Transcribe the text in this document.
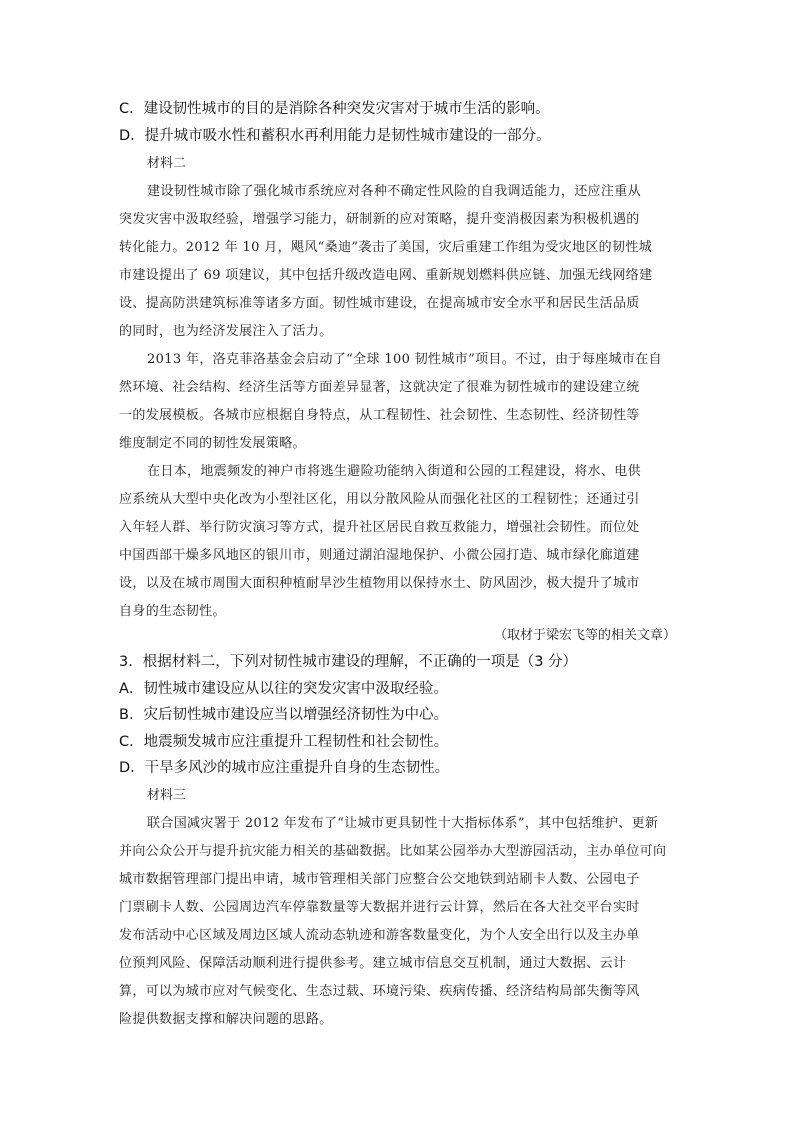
C．建设韧性城市的目的是消除各种突发灾害对于城市生活的影响。
D．提升城市吸水性和蓄积水再利用能力是韧性城市建设的一部分。
材料二
建设韧性城市除了强化城市系统应对各种不确定性风险的自我调适能力，还应注重从
突发灾害中汲取经验，增强学习能力，研制新的应对策略，提升变消极因素为积极机遇的
转化能力。2012 年 10 月，飓风“桑迪”袭击了美国，灾后重建工作组为受灾地区的韧性城
市建设提出了 69 项建议，其中包括升级改造电网、重新规划燃料供应链、加强无线网络建
设、提高防洪建筑标准等诸多方面。韧性城市建设，在提高城市安全水平和居民生活品质
的同时，也为经济发展注入了活力。
2013 年，洛克菲洛基金会启动了“全球 100 韧性城市”项目。不过，由于每座城市在自
然环境、社会结构、经济生活等方面差异显著，这就决定了很难为韧性城市的建设建立统
一的发展模板。各城市应根据自身特点，从工程韧性、社会韧性、生态韧性、经济韧性等
维度制定不同的韧性发展策略。
在日本，地震频发的神户市将逃生避险功能纳入街道和公园的工程建设，将水、电供
应系统从大型中央化改为小型社区化，用以分散风险从而强化社区的工程韧性；还通过引
入年轻人群、举行防灾演习等方式，提升社区居民自救互救能力，增强社会韧性。而位处
中国西部干燥多风地区的银川市，则通过湖泊湿地保护、小微公园打造、城市绿化廊道建
设，以及在城市周围大面积种植耐旱沙生植物用以保持水土、防风固沙，极大提升了城市
自身的生态韧性。
（取材于梁宏飞等的相关文章）
3．根据材料二，下列对韧性城市建设的理解，不正确的一项是（3 分）
A．韧性城市建设应从以往的突发灾害中汲取经验。
B．灾后韧性城市建设应当以增强经济韧性为中心。
C．地震频发城市应注重提升工程韧性和社会韧性。
D．干旱多风沙的城市应注重提升自身的生态韧性。
材料三
联合国减灾署于 2012 年发布了“让城市更具韧性十大指标体系”，其中包括维护、更新
并向公众公开与提升抗灾能力相关的基础数据。比如某公园举办大型游园活动，主办单位可向
城市数据管理部门提出申请，城市管理相关部门应整合公交地铁到站刷卡人数、公园电子
门票刷卡人数、公园周边汽车停靠数量等大数据并进行云计算，然后在各大社交平台实时
发布活动中心区域及周边区域人流动态轨迹和游客数量变化，为个人安全出行以及主办单
位预判风险、保障活动顺利进行提供参考。建立城市信息交互机制，通过大数据、云计
算，可以为城市应对气候变化、生态过载、环境污染、疾病传播、经济结构局部失衡等风
险提供数据支撑和解决问题的思路。
